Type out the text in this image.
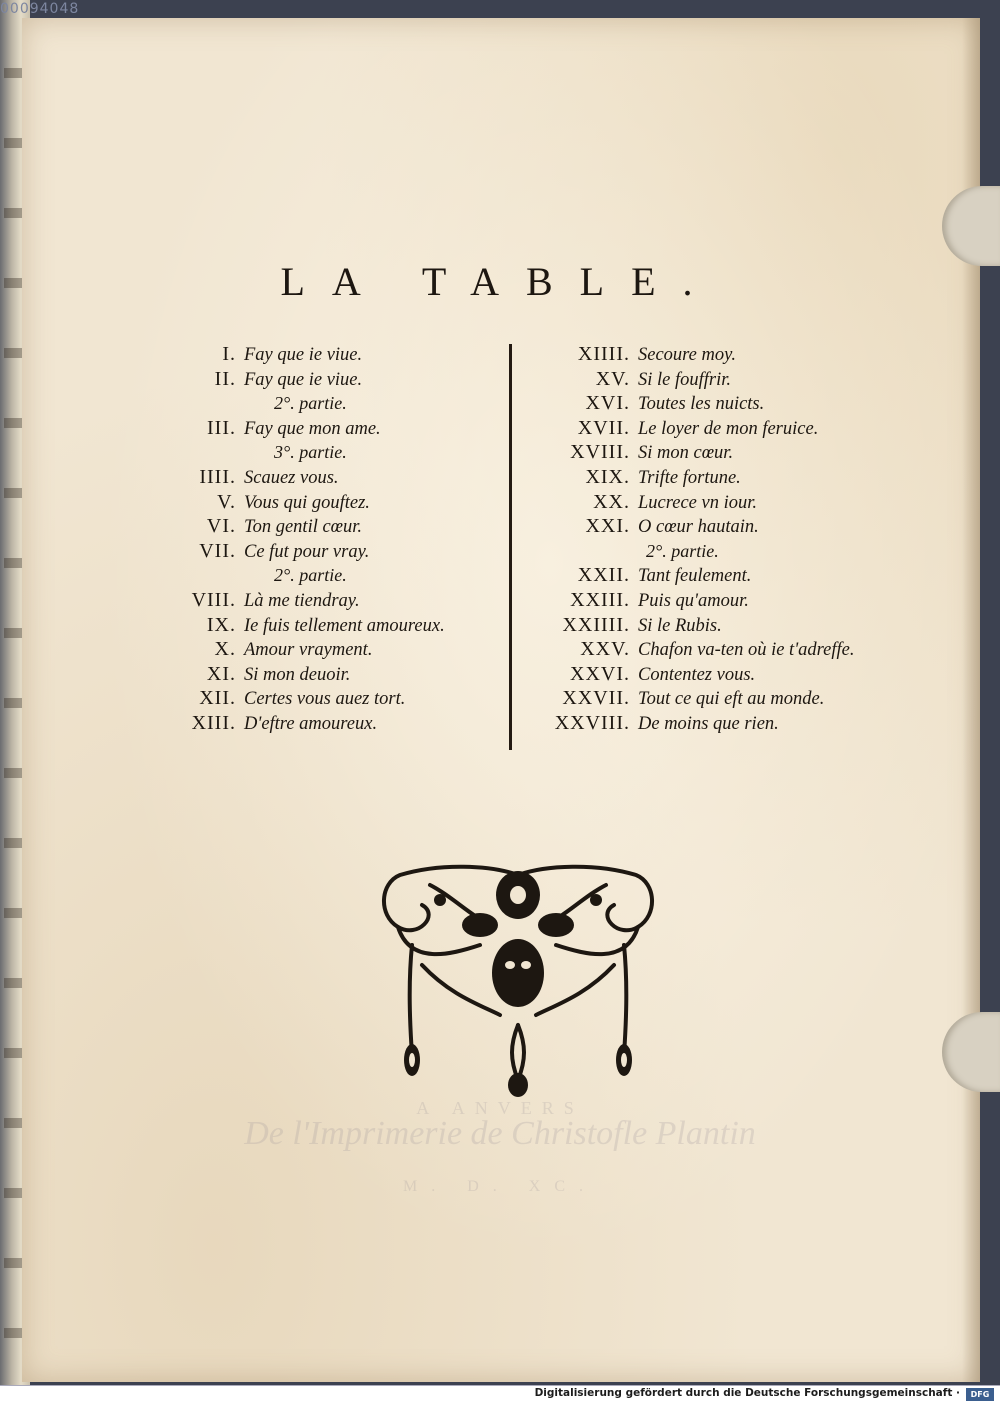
00094048
A ANVERS
De l'Imprimerie de Christofle Plantin
M. D. XC.
LA TABLE.
I. Fay que ie viue.
II. Fay que ie viue.
2°. partie.
III. Fay que mon ame.
3°. partie.
IIII. Scauez vous.
V. Vous qui gouftez.
VI. Ton gentil cœur.
VII. Ce fut pour vray.
2°. partie.
VIII. Là me tiendray.
IX. Ie fuis tellement amoureux.
X. Amour vrayment.
XI. Si mon deuoir.
XII. Certes vous auez tort.
XIII. D'eftre amoureux.
XIIII. Secoure moy.
XV. Si le fouffrir.
XVI. Toutes les nuicts.
XVII. Le loyer de mon feruice.
XVIII. Si mon cœur.
XIX. Trifte fortune.
XX. Lucrece vn iour.
XXI. O cœur hautain.
2°. partie.
XXII. Tant feulement.
XXIII. Puis qu'amour.
XXIIII. Si le Rubis.
XXV. Chafon va-ten où ie t'adreffe.
XXVI. Contentez vous.
XXVII. Tout ce qui eft au monde.
XXVIII. De moins que rien.
Digitalisierung gefördert durch die Deutsche Forschungsgemeinschaft ·	DFG
